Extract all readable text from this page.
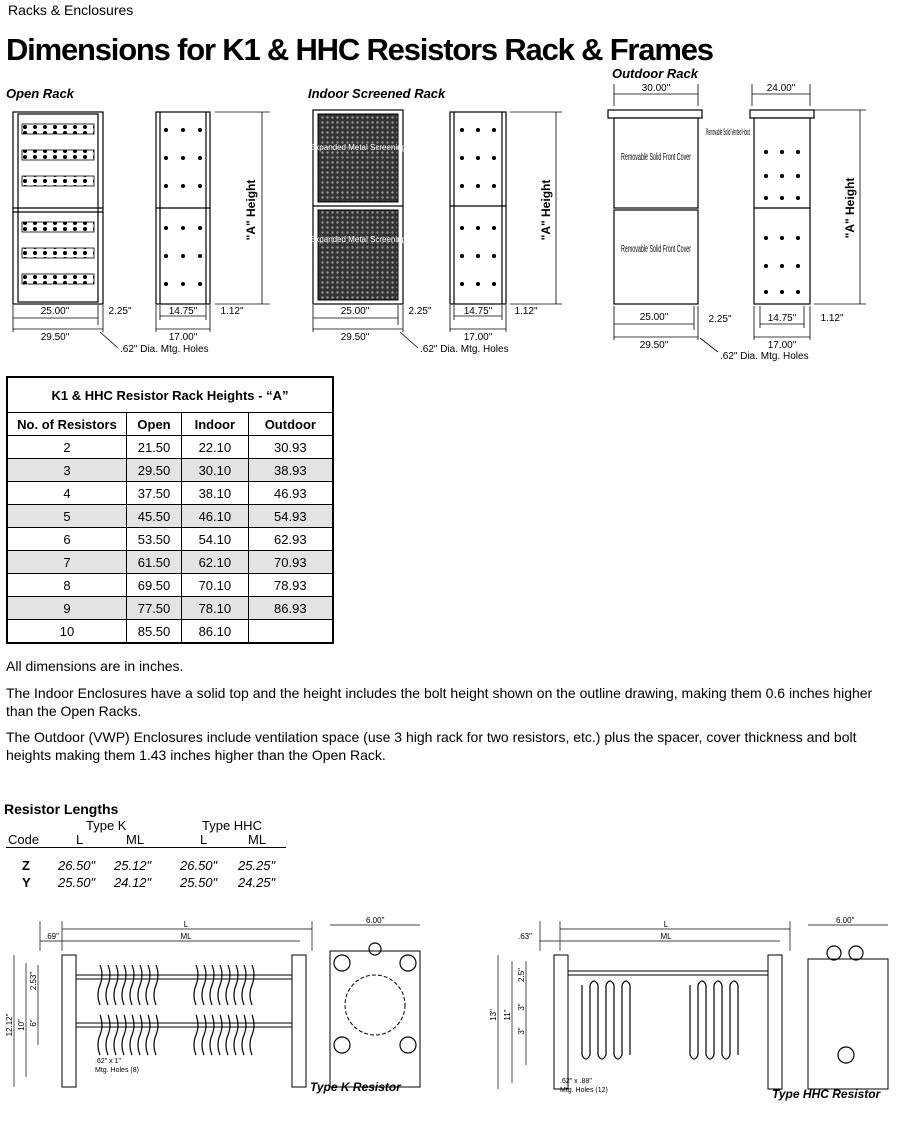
Racks & Enclosures
Dimensions for K1 & HHC Resistors Rack & Frames
Open Rack	Indoor Screened Rack
Outdoor Rack
"A" Height
25.00"
29.50"
2.25"	14.75"
17.00"
1.12"
.62" Dia. Mtg. Holes
Expanded Metal Screening
Expanded Metal Screening	"A" Height
25.00"
29.50"
2.25"	14.75"
17.00"
1.12"
.62" Dia. Mtg. Holes
30.00"	24.00"
Removable Solid Front Cover
Removable Solid Front Cover
Removable Solid Vented Hood
"A" Height
25.00"
29.50"
2.25"	14.75"
17.00"
1.12"
.62" Dia. Mtg. Holes
K1 & HHC Resistor Rack Heights - “A”			
No. of Resistors	Open	Indoor	Outdoor
2	21.50	22.10	30.93
3	29.50	30.10	38.93
4	37.50	38.10	46.93
5	45.50	46.10	54.93
6	53.50	54.10	62.93
7	61.50	62.10	70.93
8	69.50	70.10	78.93
9	77.50	78.10	86.93
10	85.50	86.10	
All dimensions are in inches.
The Indoor Enclosures have a solid top and the height includes the bolt height shown on the outline drawing, making them 0.6 inches higher than the Open Racks.
The Outdoor (VWP) Enclosures include ventilation space (use 3 high rack for two resistors, etc.) plus the spacer, cover thickness and bolt heights making them 1.43 inches higher than the Open Rack.
Resistor Lengths
Type K	Type HHC
Code	L	ML	L	ML
Z 26.50" 25.12" 26.50" 25.25"
Y 25.50" 24.12" 25.50" 24.25"
L
ML
.69"
6.00"
12.12" 10"
2.53"
6"
.62" x 1"
Mtg. Holes (8)
Type K Resistor
L
ML
.63"
6.00"
13" 11"
2.5"
3"
3"
.62" x .88"
Mtg. Holes (12)	Type HHC Resistor
